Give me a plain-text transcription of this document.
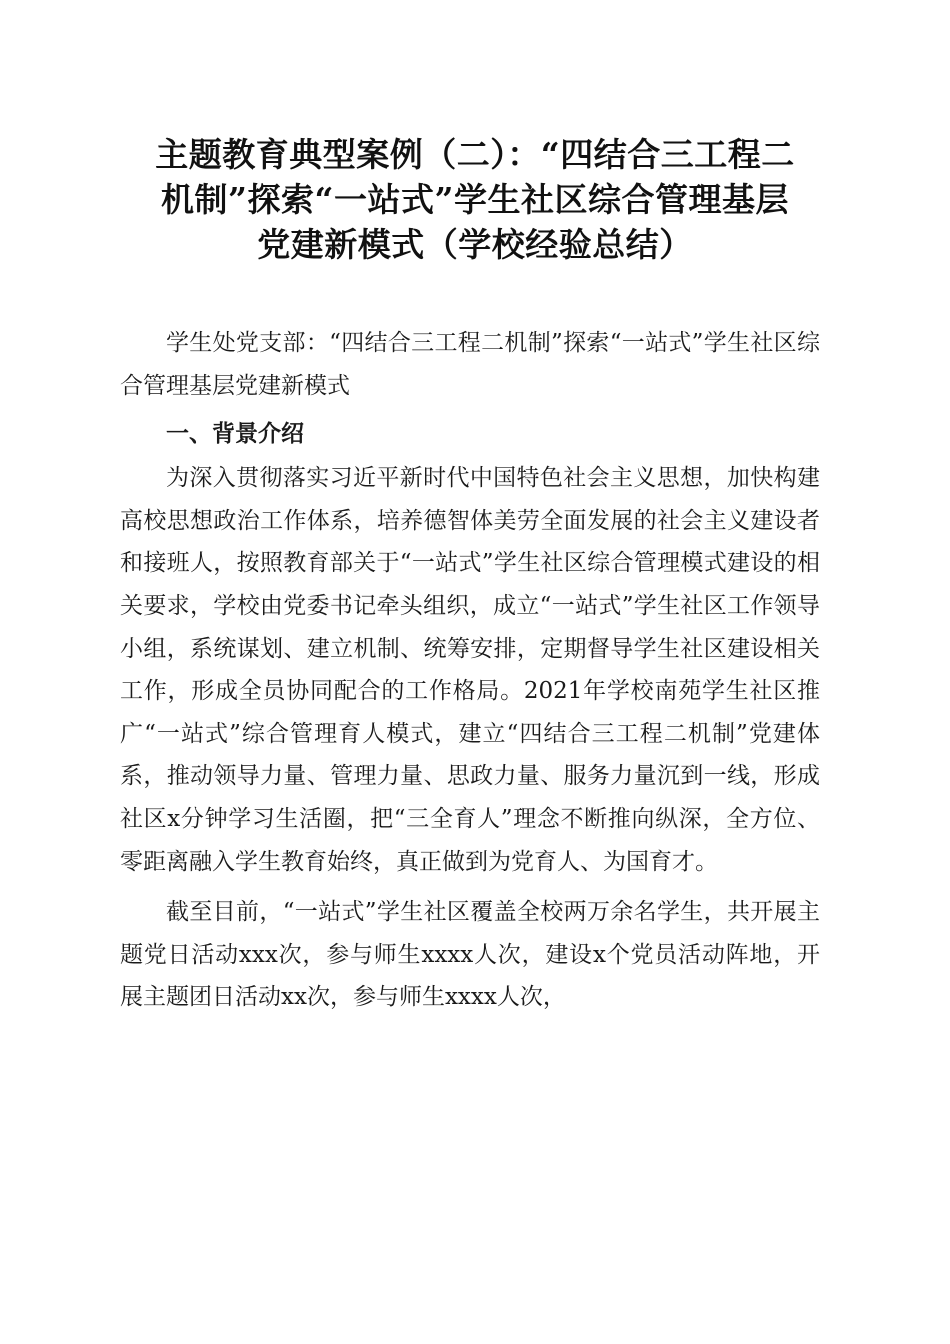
主题教育典型案例（二）：“四结合三工程二
机制”探索“一站式”学生社区综合管理基层
党建新模式（学校经验总结）

学生处党支部：“四结合三工程二机制”探索“一站式”学生社区综合管理基层党建新模式

一、背景介绍

为深入贯彻落实习近平新时代中国特色社会主义思想，加快构建高校思想政治工作体系，培养德智体美劳全面发展的社会主义建设者和接班人，按照教育部关于“一站式”学生社区综合管理模式建设的相关要求，学校由党委书记牵头组织，成立“一站式”学生社区工作领导小组，系统谋划、建立机制、统筹安排，定期督导学生社区建设相关工作，形成全员协同配合的工作格局。2021年学校南苑学生社区推广“一站式”综合管理育人模式，建立“四结合三工程二机制”党建体系，推动领导力量、管理力量、思政力量、服务力量沉到一线，形成社区x分钟学习生活圈，把“三全育人”理念不断推向纵深，全方位、零距离融入学生教育始终，真正做到为党育人、为国育才。

截至目前，“一站式”学生社区覆盖全校两万余名学生，共开展主题党日活动xxx次，参与师生xxxx人次，建设x个党员活动阵地，开展主题团日活动xx次，参与师生xxxx人次，
